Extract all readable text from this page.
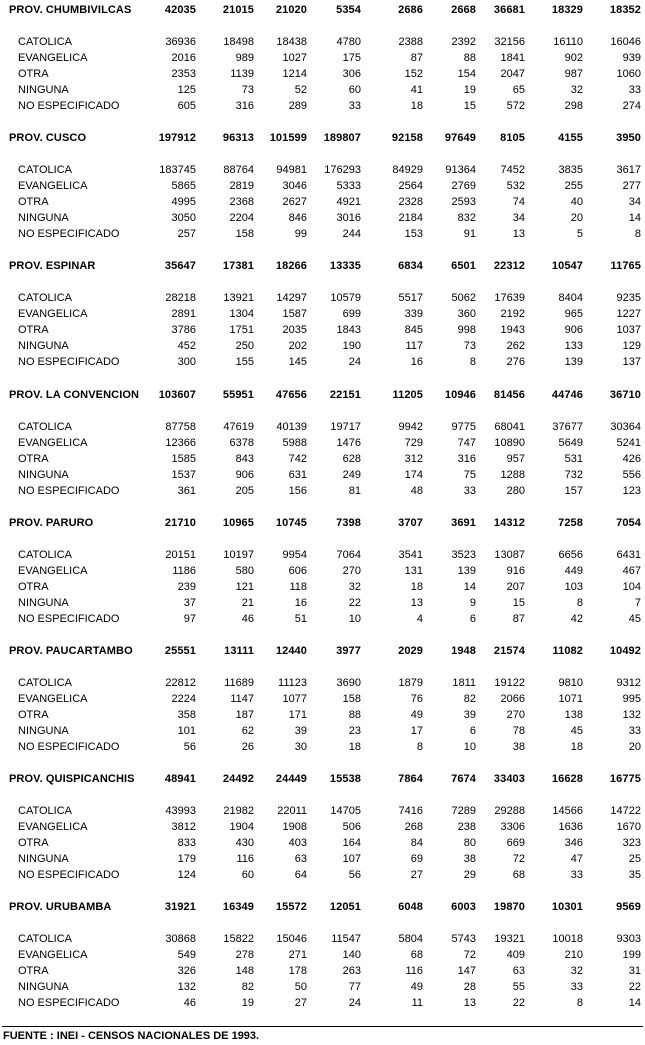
PROV. CHUMBIVILCAS	42035	21015	21020	5354	2686	2668	36681	18329	18352
CATOLICA	36936	18498	18438	4780	2388	2392	32156	16110	16046
EVANGELICA	2016	989	1027	175	87	88	1841	902	939
OTRA	2353	1139	1214	306	152	154	2047	987	1060
NINGUNA	125	73	52	60	41	19	65	32	33
NO ESPECIFICADO	605	316	289	33	18	15	572	298	274
PROV. CUSCO	197912	96313	101599	189807	92158	97649	8105	4155	3950
CATOLICA	183745	88764	94981	176293	84929	91364	7452	3835	3617
EVANGELICA	5865	2819	3046	5333	2564	2769	532	255	277
OTRA	4995	2368	2627	4921	2328	2593	74	40	34
NINGUNA	3050	2204	846	3016	2184	832	34	20	14
NO ESPECIFICADO	257	158	99	244	153	91	13	5	8
PROV. ESPINAR	35647	17381	18266	13335	6834	6501	22312	10547	11765
CATOLICA	28218	13921	14297	10579	5517	5062	17639	8404	9235
EVANGELICA	2891	1304	1587	699	339	360	2192	965	1227
OTRA	3786	1751	2035	1843	845	998	1943	906	1037
NINGUNA	452	250	202	190	117	73	262	133	129
NO ESPECIFICADO	300	155	145	24	16	8	276	139	137
PROV. LA CONVENCION	103607	55951	47656	22151	11205	10946	81456	44746	36710
CATOLICA	87758	47619	40139	19717	9942	9775	68041	37677	30364
EVANGELICA	12366	6378	5988	1476	729	747	10890	5649	5241
OTRA	1585	843	742	628	312	316	957	531	426
NINGUNA	1537	906	631	249	174	75	1288	732	556
NO ESPECIFICADO	361	205	156	81	48	33	280	157	123
PROV. PARURO	21710	10965	10745	7398	3707	3691	14312	7258	7054
CATOLICA	20151	10197	9954	7064	3541	3523	13087	6656	6431
EVANGELICA	1186	580	606	270	131	139	916	449	467
OTRA	239	121	118	32	18	14	207	103	104
NINGUNA	37	21	16	22	13	9	15	8	7
NO ESPECIFICADO	97	46	51	10	4	6	87	42	45
PROV. PAUCARTAMBO	25551	13111	12440	3977	2029	1948	21574	11082	10492
CATOLICA	22812	11689	11123	3690	1879	1811	19122	9810	9312
EVANGELICA	2224	1147	1077	158	76	82	2066	1071	995
OTRA	358	187	171	88	49	39	270	138	132
NINGUNA	101	62	39	23	17	6	78	45	33
NO ESPECIFICADO	56	26	30	18	8	10	38	18	20
PROV. QUISPICANCHIS	48941	24492	24449	15538	7864	7674	33403	16628	16775
CATOLICA	43993	21982	22011	14705	7416	7289	29288	14566	14722
EVANGELICA	3812	1904	1908	506	268	238	3306	1636	1670
OTRA	833	430	403	164	84	80	669	346	323
NINGUNA	179	116	63	107	69	38	72	47	25
NO ESPECIFICADO	124	60	64	56	27	29	68	33	35
PROV. URUBAMBA	31921	16349	15572	12051	6048	6003	19870	10301	9569
CATOLICA	30868	15822	15046	11547	5804	5743	19321	10018	9303
EVANGELICA	549	278	271	140	68	72	409	210	199
OTRA	326	148	178	263	116	147	63	32	31
NINGUNA	132	82	50	77	49	28	55	33	22
NO ESPECIFICADO	46	19	27	24	11	13	22	8	14
FUENTE : INEI - CENSOS NACIONALES DE 1993.
